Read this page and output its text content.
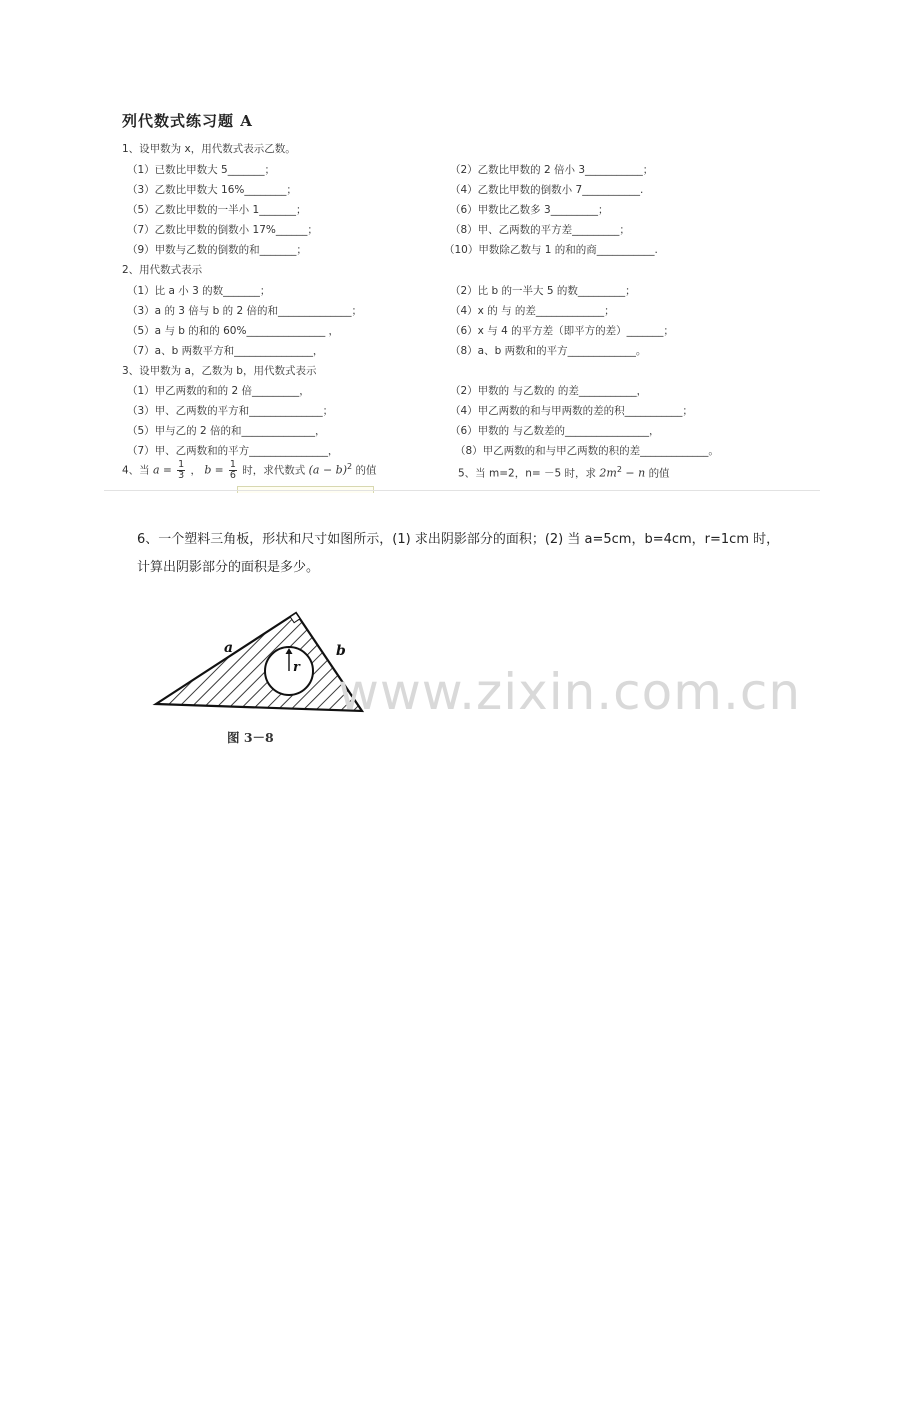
列代数式练习题 A
1、设甲数为 x，用代数式表示乙数。
（1）已数比甲数大 5_______；	（2）乙数比甲数的 2 倍小 3___________；
（3）乙数比甲数大 16%________；	（4）乙数比甲数的倒数小 7___________.
（5）乙数比甲数的一半小 1_______；	（6）甲数比乙数多 3_________；
（7）乙数比甲数的倒数小 17%______；	（8）甲、乙两数的平方差_________；
（9）甲数与乙数的倒数的和_______；	（10）甲数除乙数与 1 的和的商___________.
2、用代数式表示
（1）比 a 小 3 的数_______；	（2）比 b 的一半大 5 的数_________；
（3）a 的 3 倍与 b 的 2 倍的和______________；	（4）x 的 与 的差_____________；
（5）a 与 b 的和的 60%_______________ ，	（6）x 与 4 的平方差（即平方的差）_______；
（7）a、b 两数平方和_______________，	（8）a、b 两数和的平方_____________。
3、设甲数为 a，乙数为 b，用代数式表示
（1）甲乙两数的和的 2 倍_________，	（2）甲数的 与乙数的 的差___________，
（3）甲、乙两数的平方和______________；	（4）甲乙两数的和与甲两数的差的积___________；
（5）甲与乙的 2 倍的和______________，	（6）甲数的 与乙数差的________________，
（7）甲、乙两数和的平方_______________，	（8）甲乙两数的和与甲乙两数的积的差_____________。
4、当 $a = \frac{1}{3}$ ， $b = \frac{1}{6}$ 时，求代数式 $(a - b)^2$ 的值	5、当 m=2，n= －5 时，求 $2m^2 - n$ 的值
6、一个塑料三角板，形状和尺寸如图所示，(1) 求出阴影部分的面积；(2) 当 a=5cm，b=4cm，r=1cm 时，
计算出阴影部分的面积是多少。
a	b
r
图 3－8
www.zixin.com.cn
